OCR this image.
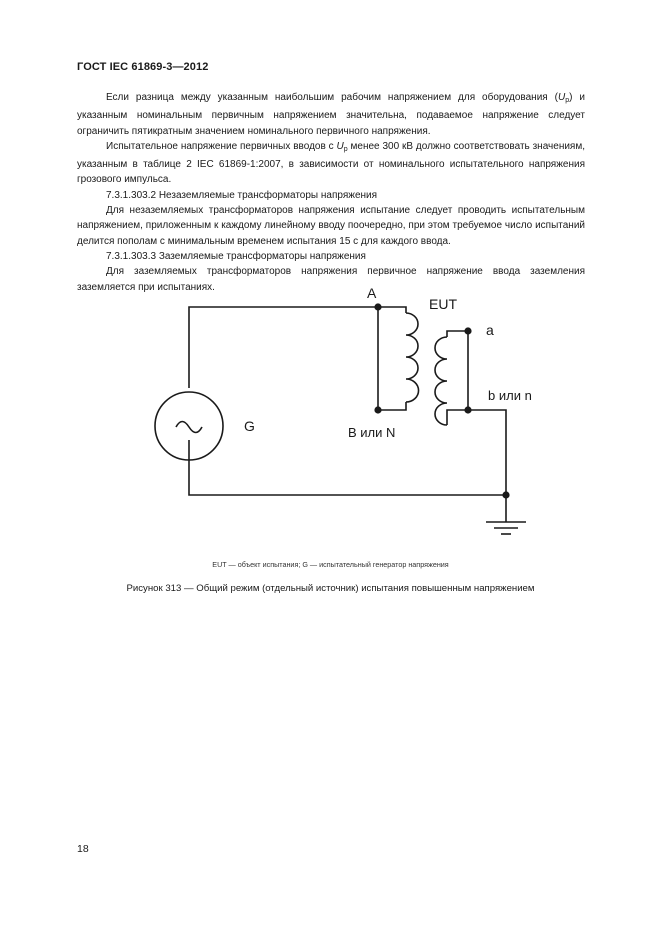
ГОСТ IEC 61869-3—2012

Если разница между указанным наибольшим рабочим напряжением для оборудования $(U_p)$ и указанным номинальным первичным напряжением значительна, подаваемое напряжение следует ограничить пятикратным значением номинального первичного напряжения.

Испытательное напряжение первичных вводов с $U_p$ менее 300 кВ должно соответствовать значениям, указанным в таблице 2 IEC 61869-1:2007, в зависимости от номинального испытательного напряжения грозового импульса.

7.3.1.303.2 Незаземляемые трансформаторы напряжения

Для незаземляемых трансформаторов напряжения испытание следует проводить испытательным напряжением, приложенным к каждому линейному вводу поочередно, при этом требуемое число испытаний делится пополам с минимальным временем испытания 15 с для каждого ввода.

7.3.1.303.3 Заземляемые трансформаторы напряжения

Для заземляемых трансформаторов напряжения первичное напряжение ввода заземления заземляется при испытаниях.	A
EUT
a
b или n
B или N
G
EUT — объект испытания; G — испытательный генератор напряжения
Рисунок 313 — Общий режим (отдельный источник) испытания повышенным напряжением
18
